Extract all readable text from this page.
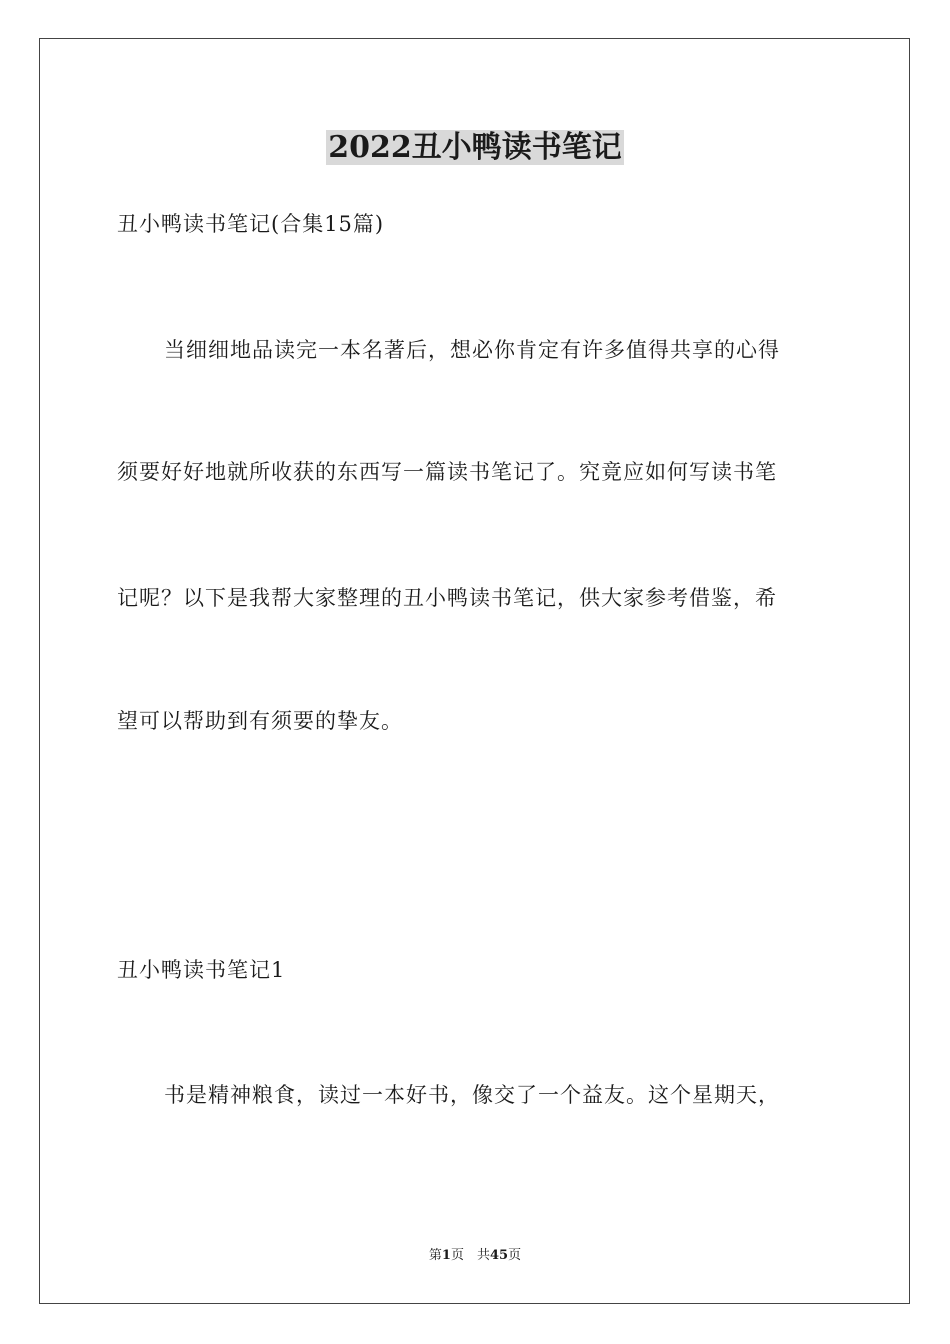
2022丑小鸭读书笔记
丑小鸭读书笔记(合集15篇)
当细细地品读完一本名著后，想必你肯定有许多值得共享的心得
须要好好地就所收获的东西写一篇读书笔记了。究竟应如何写读书笔
记呢？以下是我帮大家整理的丑小鸭读书笔记，供大家参考借鉴，希
望可以帮助到有须要的挚友。
丑小鸭读书笔记1
书是精神粮食，读过一本好书，像交了一个益友。这个星期天，
第1页　共45页
